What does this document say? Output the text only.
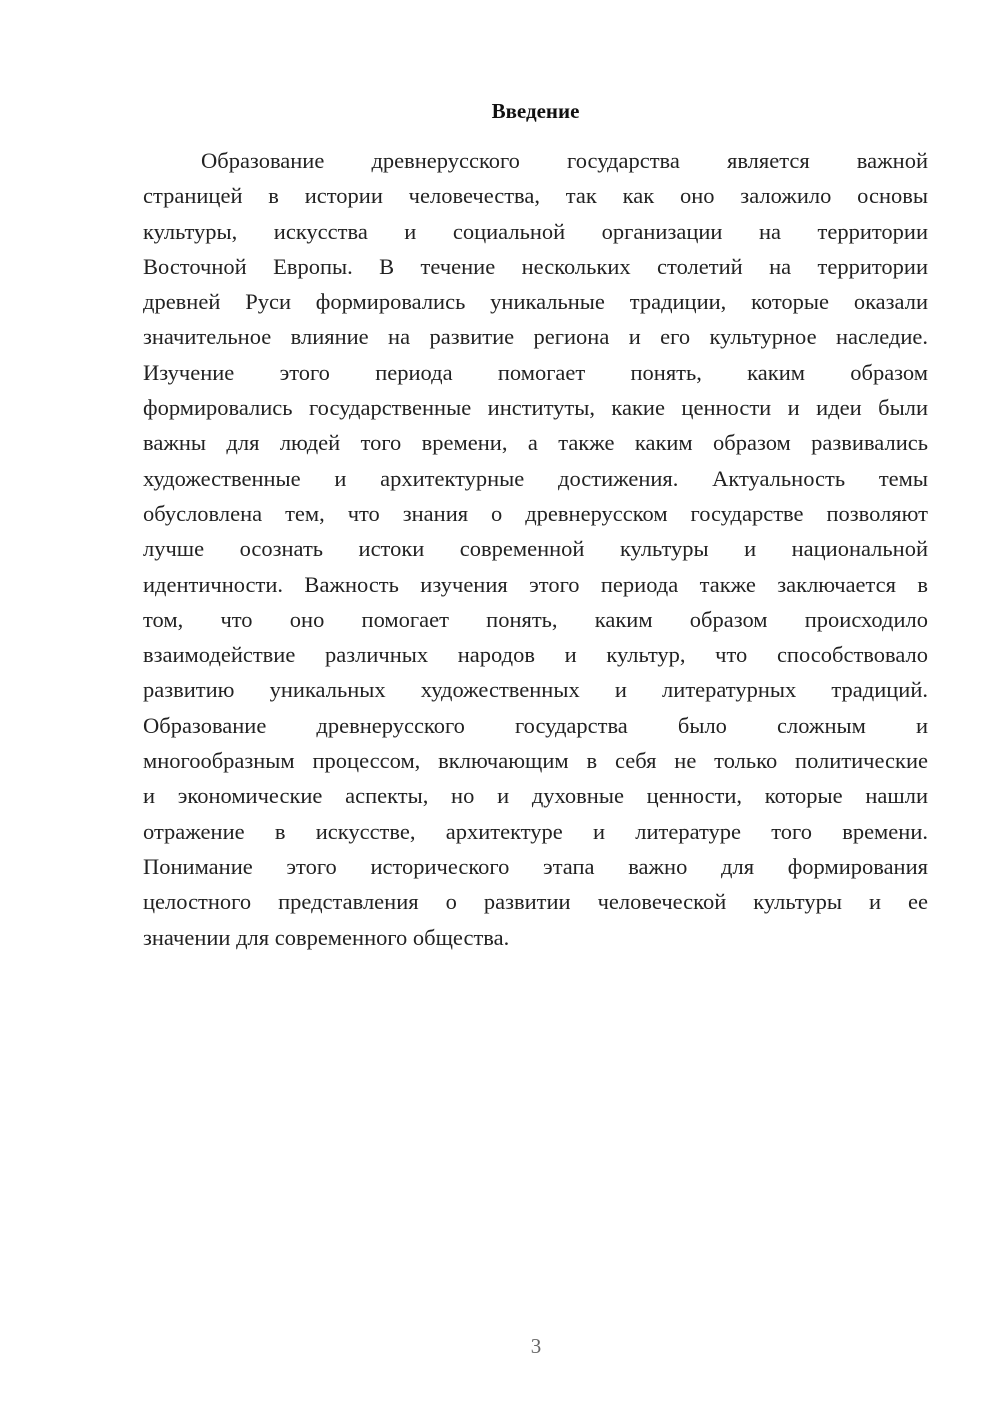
Введение

Образование древнерусского государства является важной
страницей в истории человечества, так как оно заложило основы
культуры, искусства и социальной организации на территории
Восточной Европы. В течение нескольких столетий на территории
древней Руси формировались уникальные традиции, которые оказали
значительное влияние на развитие региона и его культурное наследие.
Изучение этого периода помогает понять, каким образом
формировались государственные институты, какие ценности и идеи были
важны для людей того времени, а также каким образом развивались
художественные и архитектурные достижения. Актуальность темы
обусловлена тем, что знания о древнерусском государстве позволяют
лучше осознать истоки современной культуры и национальной
идентичности. Важность изучения этого периода также заключается в
том, что оно помогает понять, каким образом происходило
взаимодействие различных народов и культур, что способствовало
развитию уникальных художественных и литературных традиций.
Образование древнерусского государства было сложным и
многообразным процессом, включающим в себя не только политические
и экономические аспекты, но и духовные ценности, которые нашли
отражение в искусстве, архитектуре и литературе того времени.
Понимание этого исторического этапа важно для формирования
целостного представления о развитии человеческой культуры и ее
значении для современного общества.

3
